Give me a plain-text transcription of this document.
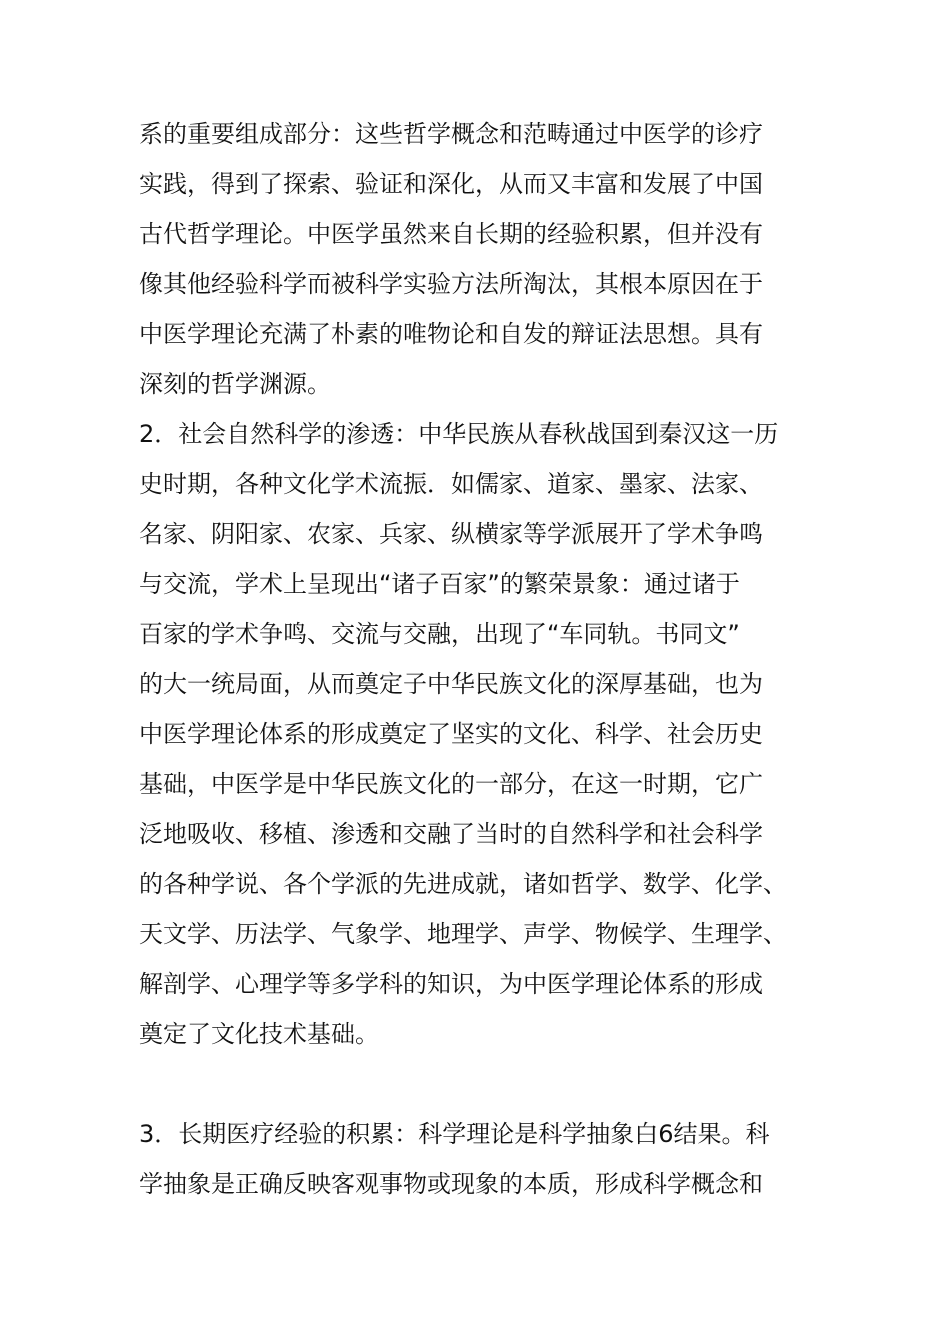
系的重要组成部分：这些哲学概念和范畴通过中医学的诊疗
实践，得到了探索、验证和深化，从而又丰富和发展了中国
古代哲学理论。中医学虽然来自长期的经验积累，但并没有
像其他经验科学而被科学实验方法所淘汰，其根本原因在于
中医学理论充满了朴素的唯物论和自发的辩证法思想。具有
深刻的哲学渊源。
2．社会自然科学的渗透：中华民族从春秋战国到秦汉这一历
史时期，各种文化学术流振．如儒家、道家、墨家、法家、
名家、阴阳家、农家、兵家、纵横家等学派展开了学术争鸣
与交流，学术上呈现出“诸子百家”的繁荣景象：通过诸于
百家的学术争鸣、交流与交融，出现了“车同轨。书同文”
的大一统局面，从而奠定子中华民族文化的深厚基础，也为
中医学理论体系的形成奠定了坚实的文化、科学、社会历史
基础，中医学是中华民族文化的一部分，在这一时期，它广
泛地吸收、移植、渗透和交融了当时的自然科学和社会科学
的各种学说、各个学派的先进成就，诸如哲学、数学、化学、
天文学、历法学、气象学、地理学、声学、物候学、生理学、
解剖学、心理学等多学科的知识，为中医学理论体系的形成
奠定了文化技术基础。
3．长期医疗经验的积累：科学理论是科学抽象白6结果。科
学抽象是正确反映客观事物或现象的本质，形成科学概念和
